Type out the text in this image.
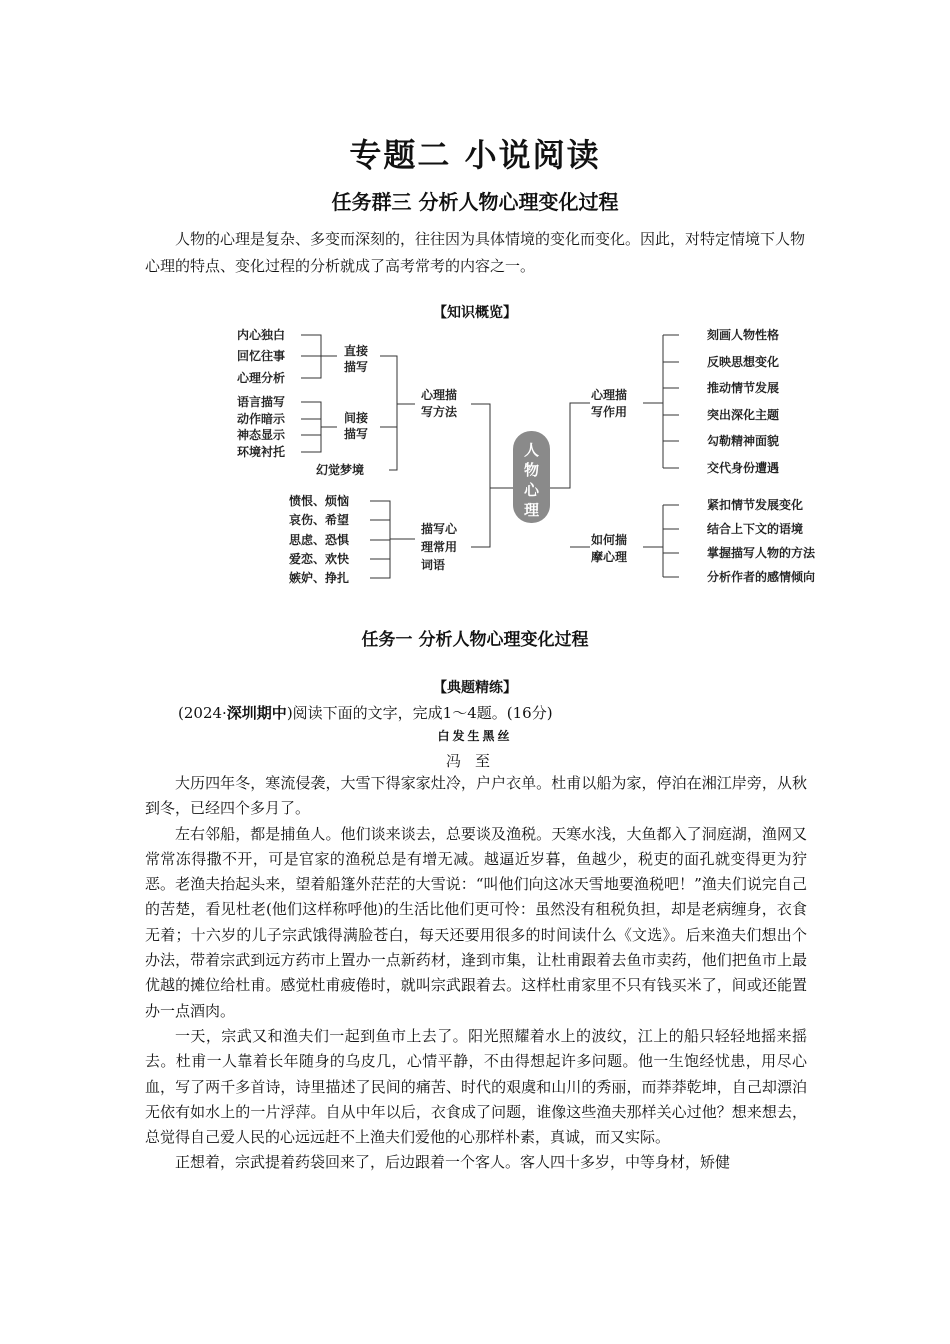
专题二 小说阅读
任务群三 分析人物心理变化过程

人物的心理是复杂、多变而深刻的，往往因为具体情境的变化而变化。因此，对特定情境下人物心理的特点、变化过程的分析就成了高考常考的内容之一。

【知识概览】
人
物
心
理
内心独白
回忆往事
心理分析
直接
描写
语言描写
动作暗示
神态显示
环境衬托
间接
描写
幻觉梦境
心理描
写方法
愤恨、烦恼
哀伤、希望
思虑、恐惧
爱恋、欢快
嫉妒、挣扎
描写心
理常用
词语
心理描
写作用
刻画人物性格
反映思想变化
推动情节发展
突出深化主题
勾勒精神面貌
交代身份遭遇
如何揣
摩心理
紧扣情节发展变化
结合上下文的语境
掌握描写人物的方法
分析作者的感情倾向
任务一 分析人物心理变化过程
【典题精练】
(2024·深圳期中)阅读下面的文字，完成1～4题。(16分)
白发生黑丝
冯至

大历四年冬，寒流侵袭，大雪下得家家灶冷，户户衣单。杜甫以船为家，停泊在湘江岸旁，从秋到冬，已经四个多月了。

左右邻船，都是捕鱼人。他们谈来谈去，总要谈及渔税。天寒水浅，大鱼都入了洞庭湖，渔网又常常冻得撒不开，可是官家的渔税总是有增无减。越逼近岁暮，鱼越少，税吏的面孔就变得更为狞恶。老渔夫抬起头来，望着船篷外茫茫的大雪说：“叫他们向这冰天雪地要渔税吧！”渔夫们说完自己的苦楚，看见杜老(他们这样称呼他)的生活比他们更可怜：虽然没有租税负担，却是老病缠身，衣食无着；十六岁的儿子宗武饿得满脸苍白，每天还要用很多的时间读什么《文选》。后来渔夫们想出个办法，带着宗武到远方药市上置办一点新药材，逢到市集，让杜甫跟着去鱼市卖药，他们把鱼市上最优越的摊位给杜甫。感觉杜甫疲倦时，就叫宗武跟着去。这样杜甫家里不只有钱买米了，间或还能置办一点酒肉。

一天，宗武又和渔夫们一起到鱼市上去了。阳光照耀着水上的波纹，江上的船只轻轻地摇来摇去。杜甫一人靠着长年随身的乌皮几，心情平静，不由得想起许多问题。他一生饱经忧患，用尽心血，写了两千多首诗，诗里描述了民间的痛苦、时代的艰虞和山川的秀丽，而莽莽乾坤，自己却漂泊无依有如水上的一片浮萍。自从中年以后，衣食成了问题，谁像这些渔夫那样关心过他？想来想去，总觉得自己爱人民的心远远赶不上渔夫们爱他的心那样朴素，真诚，而又实际。

正想着，宗武提着药袋回来了，后边跟着一个客人。客人四十多岁，中等身材，矫健
